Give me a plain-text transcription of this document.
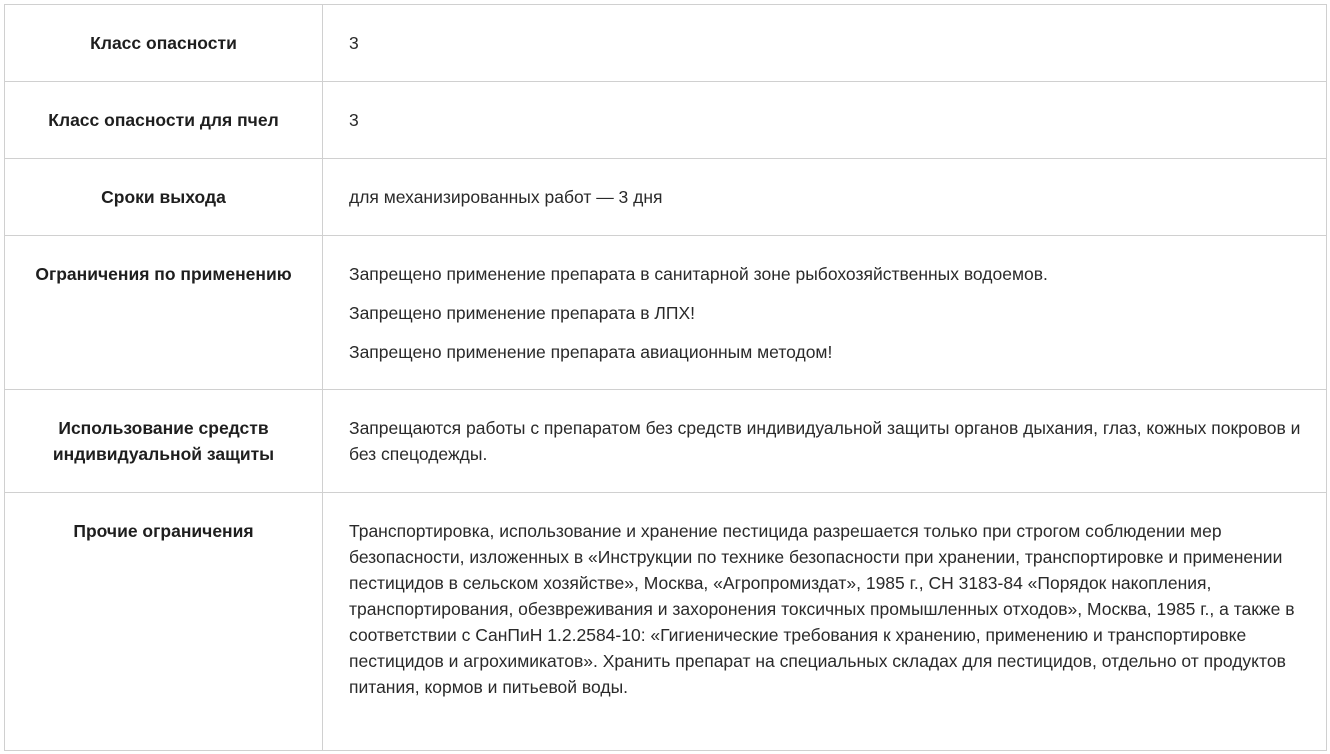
Класс опасности	3

Класс опасности для пчел	3

Сроки выхода	для механизированных работ — 3 дня

Ограничения по применению	Запрещено применение препарата в санитарной зоне рыбохозяйственных водоемов.

Запрещено применение препарата в ЛПХ!

Запрещено применение препарата авиационным методом!

Использование средств индивидуальной защиты	Запрещаются работы с препаратом без средств индивидуальной защиты органов дыхания, глаз, кожных покровов и без спецодежды.

Прочие ограничения	Транспортировка, использование и хранение пестицида разрешается только при строгом соблюдении мер безопасности, изложенных в «Инструкции по технике безопасности при хранении, транспортировке и применении пестицидов в сельском хозяйстве», Москва, «Агропромиздат», 1985 г., СН 3183-84 «Порядок накопления, транспортирования, обезвреживания и захоронения токсичных промышленных отходов», Москва, 1985 г., а также в соответствии с СанПиН 1.2.2584-10: «Гигиенические требования к хранению, применению и транспортировке пестицидов и агрохимикатов». Хранить препарат на специальных складах для пестицидов, отдельно от продуктов питания, кормов и питьевой воды.
